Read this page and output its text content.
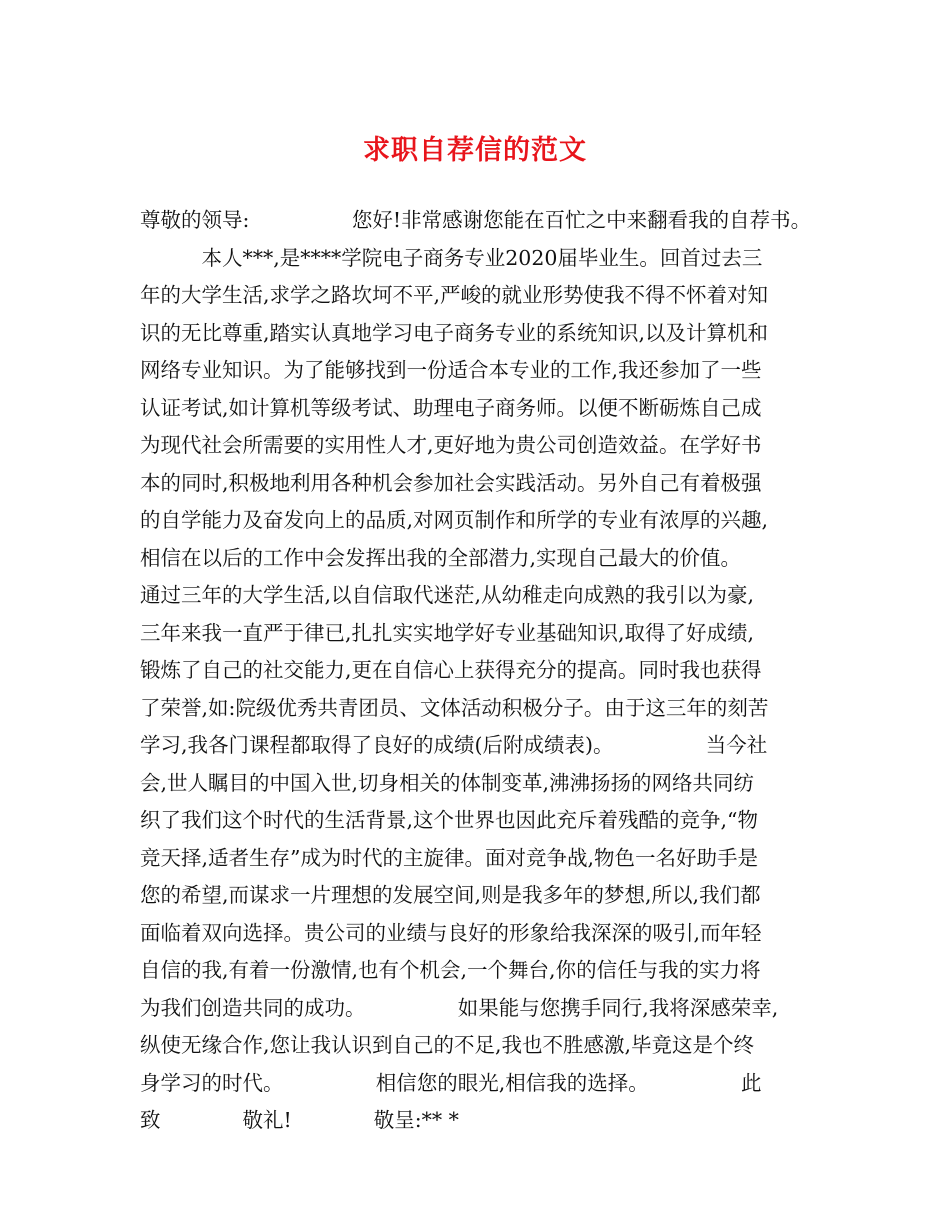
求职自荐信的范文
尊敬的领导:　　　　　您好!非常感谢您能在百忙之中来翻看我的自荐书。
　　　本人***,是****学院电子商务专业2020届毕业生。回首过去三
年的大学生活,求学之路坎坷不平,严峻的就业形势使我不得不怀着对知
识的无比尊重,踏实认真地学习电子商务专业的系统知识,以及计算机和
网络专业知识。为了能够找到一份适合本专业的工作,我还参加了一些
认证考试,如计算机等级考试、助理电子商务师。以便不断砺炼自己成
为现代社会所需要的实用性人才,更好地为贵公司创造效益。在学好书
本的同时,积极地利用各种机会参加社会实践活动。另外自己有着极强
的自学能力及奋发向上的品质,对网页制作和所学的专业有浓厚的兴趣,
相信在以后的工作中会发挥出我的全部潜力,实现自己最大的价值。
通过三年的大学生活,以自信取代迷茫,从幼稚走向成熟的我引以为豪,
三年来我一直严于律已,扎扎实实地学好专业基础知识,取得了好成绩,
锻炼了自己的社交能力,更在自信心上获得充分的提高。同时我也获得
了荣誉,如:院级优秀共青团员、文体活动积极分子。由于这三年的刻苦
学习,我各门课程都取得了良好的成绩(后附成绩表)。　　　　　当今社
会,世人瞩目的中国入世,切身相关的体制变革,沸沸扬扬的网络共同纺
织了我们这个时代的生活背景,这个世界也因此充斥着残酷的竞争,“物
竞天择,适者生存”成为时代的主旋律。面对竞争战,物色一名好助手是
您的希望,而谋求一片理想的发展空间,则是我多年的梦想,所以,我们都
面临着双向选择。贵公司的业绩与良好的形象给我深深的吸引,而年轻
自信的我,有着一份激情,也有个机会,一个舞台,你的信任与我的实力将
为我们创造共同的成功。　　　　　如果能与您携手同行,我将深感荣幸,
纵使无缘合作,您让我认识到自己的不足,我也不胜感激,毕竟这是个终
身学习的时代。　　　　　相信您的眼光,相信我的选择。　　　　　此
致　　　　敬礼!　　　　敬呈:** *
